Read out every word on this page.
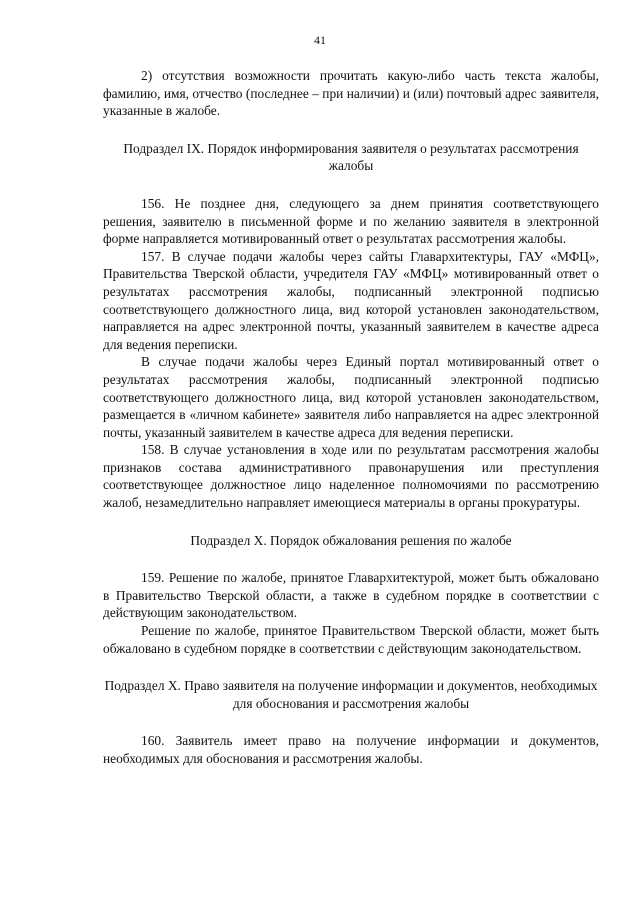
41

2) отсутствия возможности прочитать какую-либо часть текста жалобы, фамилию, имя, отчество (последнее – при наличии) и (или) почтовый адрес заявителя, указанные в жалобе.

Подраздел IX. Порядок информирования заявителя о результатах рассмотрения жалобы

156. Не позднее дня, следующего за днем принятия соответствующего решения, заявителю в письменной форме и по желанию заявителя в электронной форме направляется мотивированный ответ о результатах рассмотрения жалобы.

157. В случае подачи жалобы через сайты Главархитектуры, ГАУ «МФЦ», Правительства Тверской области, учредителя ГАУ «МФЦ» мотивированный ответ о результатах рассмотрения жалобы, подписанный электронной подписью соответствующего должностного лица, вид которой установлен законодательством, направляется на адрес электронной почты, указанный заявителем в качестве адреса для ведения переписки.

В случае подачи жалобы через Единый портал мотивированный ответ о результатах рассмотрения жалобы, подписанный электронной подписью соответствующего должностного лица, вид которой установлен законодательством, размещается в «личном кабинете» заявителя либо направляется на адрес электронной почты, указанный заявителем в качестве адреса для ведения переписки.

158. В случае установления в ходе или по результатам рассмотрения жалобы признаков состава административного правонарушения или преступления соответствующее должностное лицо наделенное полномочиями по рассмотрению жалоб, незамедлительно направляет имеющиеся материалы в органы прокуратуры.

Подраздел X. Порядок обжалования решения по жалобе

159. Решение по жалобе, принятое Главархитектурой, может быть обжаловано в Правительство Тверской области, а также в судебном порядке в соответствии с действующим законодательством.

Решение по жалобе, принятое Правительством Тверской области, может быть обжаловано в судебном порядке в соответствии с действующим законодательством.

Подраздел X. Право заявителя на получение информации и документов, необходимых для обоснования и рассмотрения жалобы

160. Заявитель имеет право на получение информации и документов, необходимых для обоснования и рассмотрения жалобы.
